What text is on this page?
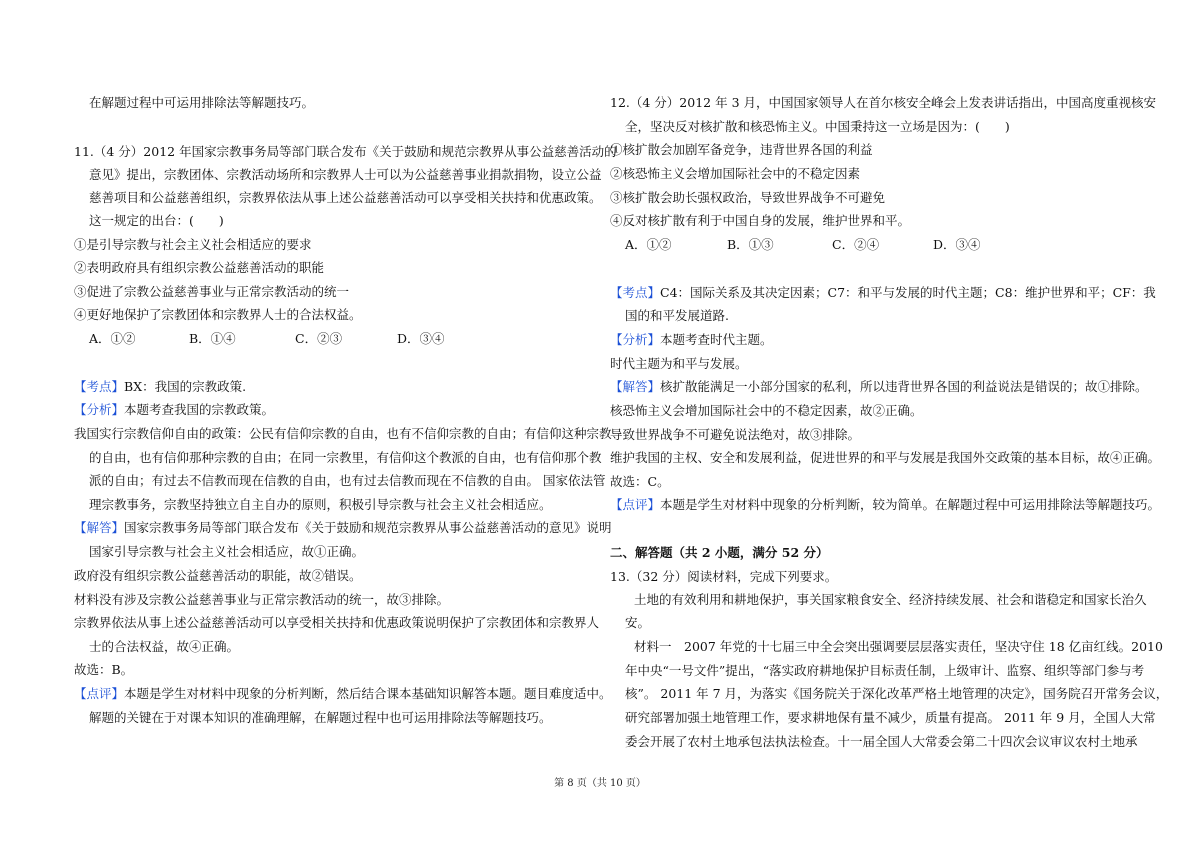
在解题过程中可运用排除法等解题技巧。
11.（4 分）2012 年国家宗教事务局等部门联合发布《关于鼓励和规范宗教界从事公益慈善活动的
意见》提出，宗教团体、宗教活动场所和宗教界人士可以为公益慈善事业捐款捐物，设立公益
慈善项目和公益慈善组织，宗教界依法从事上述公益慈善活动可以享受相关扶持和优惠政策。
这一规定的出台：(　　)
①是引导宗教与社会主义社会相适应的要求
②表明政府具有组织宗教公益慈善活动的职能
③促进了宗教公益慈善事业与正常宗教活动的统一
④更好地保护了宗教团体和宗教界人士的合法权益。
A．①②	B．①④	C．②③	D．③④
【考点】BX：我国的宗教政策.
【分析】本题考查我国的宗教政策。
我国实行宗教信仰自由的政策：公民有信仰宗教的自由，也有不信仰宗教的自由；有信仰这种宗教
的自由，也有信仰那种宗教的自由；在同一宗教里，有信仰这个教派的自由，也有信仰那个教
派的自由；有过去不信教而现在信教的自由，也有过去信教而现在不信教的自由。 国家依法管
理宗教事务，宗教坚持独立自主自办的原则，积极引导宗教与社会主义社会相适应。
【解答】国家宗教事务局等部门联合发布《关于鼓励和规范宗教界从事公益慈善活动的意见》说明
国家引导宗教与社会主义社会相适应，故①正确。
政府没有组织宗教公益慈善活动的职能，故②错误。
材料没有涉及宗教公益慈善事业与正常宗教活动的统一，故③排除。
宗教界依法从事上述公益慈善活动可以享受相关扶持和优惠政策说明保护了宗教团体和宗教界人
士的合法权益，故④正确。
故选：B。
【点评】本题是学生对材料中现象的分析判断，然后结合课本基础知识解答本题。题目难度适中。
解题的关键在于对课本知识的准确理解，在解题过程中也可运用排除法等解题技巧。
12.（4 分）2012 年 3 月，中国国家领导人在首尔核安全峰会上发表讲话指出，中国高度重视核安
全，坚决反对核扩散和核恐怖主义。中国秉持这一立场是因为：(　　)
①核扩散会加剧军备竞争，违背世界各国的利益
②核恐怖主义会增加国际社会中的不稳定因素
③核扩散会助长强权政治，导致世界战争不可避免
④反对核扩散有利于中国自身的发展，维护世界和平。
A．①②	B．①③	C．②④	D．③④
【考点】C4：国际关系及其决定因素；C7：和平与发展的时代主题；C8：维护世界和平；CF：我
国的和平发展道路.
【分析】本题考查时代主题。
时代主题为和平与发展。
【解答】核扩散能满足一小部分国家的私利，所以违背世界各国的利益说法是错误的；故①排除。
核恐怖主义会增加国际社会中的不稳定因素，故②正确。
导致世界战争不可避免说法绝对，故③排除。
维护我国的主权、安全和发展利益，促进世界的和平与发展是我国外交政策的基本目标，故④正确。
故选：C。
【点评】本题是学生对材料中现象的分析判断，较为简单。在解题过程中可运用排除法等解题技巧。
二、解答题（共 2 小题，满分 52 分）
13.（32 分）阅读材料，完成下列要求。
土地的有效利用和耕地保护，事关国家粮食安全、经济持续发展、社会和谐稳定和国家长治久
安。
材料一　2007 年党的十七届三中全会突出强调要层层落实责任，坚决守住 18 亿亩红线。2010
年中央“一号文件”提出，“落实政府耕地保护目标责任制，上级审计、监察、组织等部门参与考
核”。 2011 年 7 月，为落实《国务院关于深化改革严格土地管理的决定》，国务院召开常务会议，
研究部署加强土地管理工作，要求耕地保有量不减少，质量有提高。 2011 年 9 月，全国人大常
委会开展了农村土地承包法执法检查。十一届全国人大常委会第二十四次会议审议农村土地承
第 8 页（共 10 页）
